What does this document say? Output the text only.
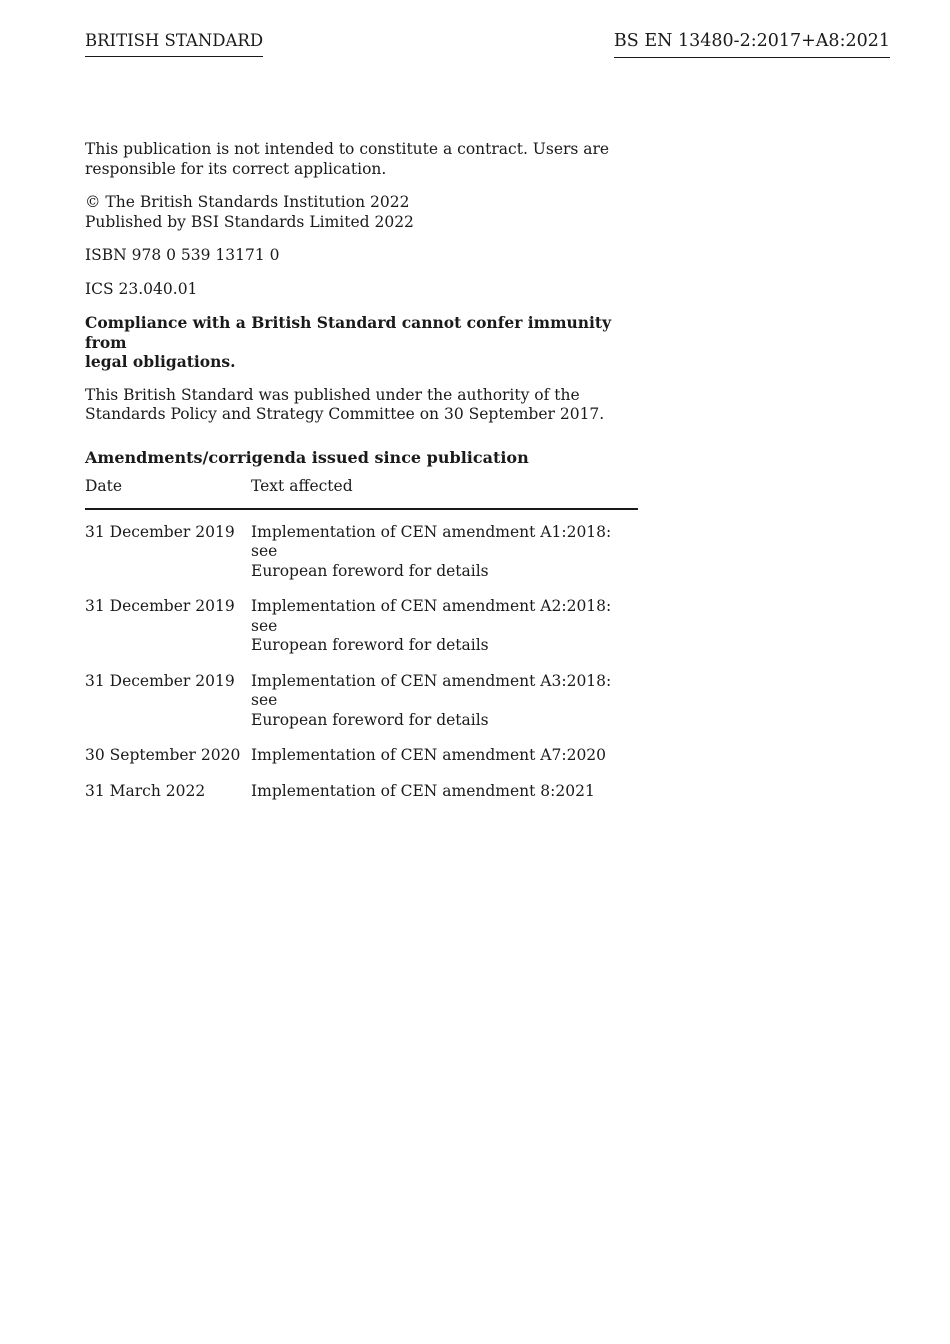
BRITISH STANDARD	BS EN 13480-2:2017+A8:2021

This publication is not intended to constitute a contract. Users are
responsible for its correct application.

© The British Standards Institution 2022
Published by BSI Standards Limited 2022

ISBN 978 0 539 13171 0

ICS 23.040.01

Compliance with a British Standard cannot confer immunity from
legal obligations.

This British Standard was published under the authority of the
Standards Policy and Strategy Committee on 30 September 2017.

Amendments/corrigenda issued since publication
Date	Text affected
31 December 2019	Implementation of CEN amendment A1:2018: see
European foreword for details
31 December 2019	Implementation of CEN amendment A2:2018: see
European foreword for details
31 December 2019	Implementation of CEN amendment A3:2018: see
European foreword for details
30 September 2020	Implementation of CEN amendment A7:2020
31 March 2022	Implementation of CEN amendment 8:2021
